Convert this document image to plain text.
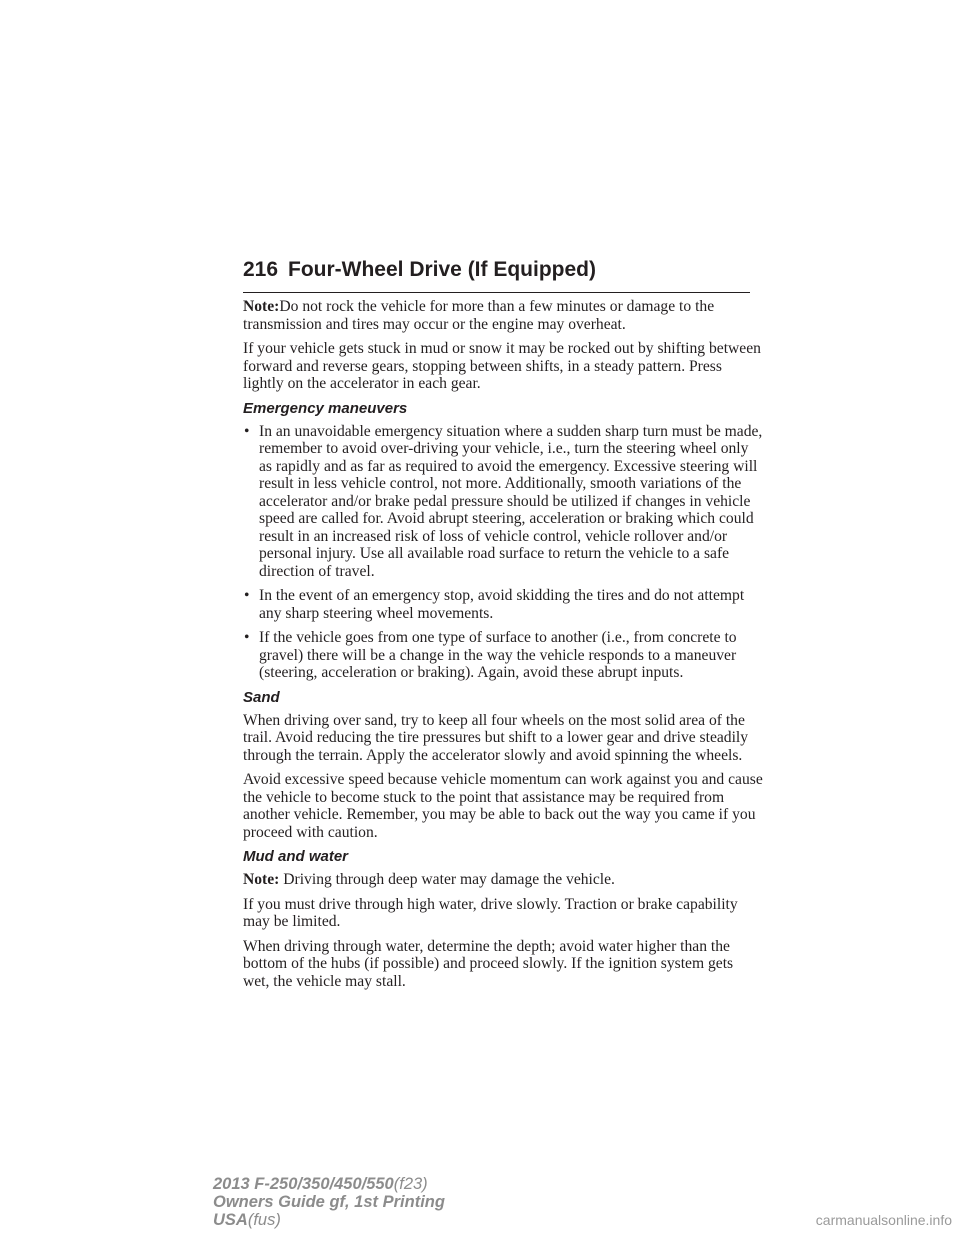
216 Four-Wheel Drive (If Equipped)

Note:Do not rock the vehicle for more than a few minutes or damage to the transmission and tires may occur or the engine may overheat.

If your vehicle gets stuck in mud or snow it may be rocked out by shifting between forward and reverse gears, stopping between shifts, in a steady pattern. Press lightly on the accelerator in each gear.

Emergency maneuvers
• In an unavoidable emergency situation where a sudden sharp turn must be made, remember to avoid over-driving your vehicle, i.e., turn the steering wheel only as rapidly and as far as required to avoid the emergency. Excessive steering will result in less vehicle control, not more. Additionally, smooth variations of the accelerator and/or brake pedal pressure should be utilized if changes in vehicle speed are called for. Avoid abrupt steering, acceleration or braking which could result in an increased risk of loss of vehicle control, vehicle rollover and/or personal injury. Use all available road surface to return the vehicle to a safe direction of travel.
• In the event of an emergency stop, avoid skidding the tires and do not attempt any sharp steering wheel movements.
• If the vehicle goes from one type of surface to another (i.e., from concrete to gravel) there will be a change in the way the vehicle responds to a maneuver (steering, acceleration or braking). Again, avoid these abrupt inputs.
Sand

When driving over sand, try to keep all four wheels on the most solid area of the trail. Avoid reducing the tire pressures but shift to a lower gear and drive steadily through the terrain. Apply the accelerator slowly and avoid spinning the wheels.

Avoid excessive speed because vehicle momentum can work against you and cause the vehicle to become stuck to the point that assistance may be required from another vehicle. Remember, you may be able to back out the way you came if you proceed with caution.

Mud and water

Note: Driving through deep water may damage the vehicle.

If you must drive through high water, drive slowly. Traction or brake capability may be limited.

When driving through water, determine the depth; avoid water higher than the bottom of the hubs (if possible) and proceed slowly. If the ignition system gets wet, the vehicle may stall.

2013 F-250/350/450/550(f23)
Owners Guide gf, 1st Printing
USA(fus)	carmanualsonline.info
